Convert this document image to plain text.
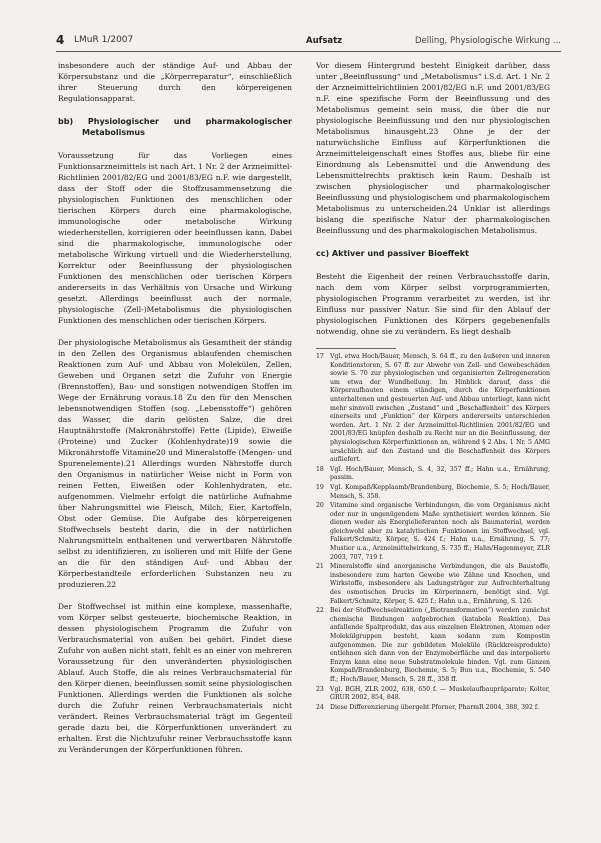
4 LMuR 1/2007	Aufsatz	Delling, Physiologische Wirkung ...

insbesondere auch der ständige Auf- und Abbau der Körpersubstanz und die „Körperreparatur“, einschließlich ihrer Steuerung durch den körpereigenen Regulationsapparat.

bb) Physiologischer und pharmakologischer Metabolismus

Voraussetzung für das Vorliegen eines Funktionsarzneimittels ist nach Art. 1 Nr. 2 der Arzneimittel-Richtlinien 2001/82/EG und 2001/83/EG n.F. wie dargestellt, dass der Stoff oder die Stoffzusammensetzung die physiologischen Funktionen des menschlichen oder tierischen Körpers durch eine pharmakologische, immunologische oder metabolische Wirkung wiederherstellen, korrigieren oder beeinflussen kann. Dabei sind die pharmakologische, immunologische oder metabolische Wirkung virtuell und die Wiederherstellung, Korrektur oder Beeinflussung der physiologischen Funktionen des menschlichen oder tierischen Körpers andererseits in das Verhältnis von Ursache und Wirkung gesetzt. Allerdings beeinflusst auch der normale, physiologische (Zell-)Metabolismus die physiologischen Funktionen des menschlichen oder tierischen Körpers.

Der physiologische Metabolismus als Gesamtheit der ständig in den Zellen des Organismus ablaufenden chemischen Reaktionen zum Auf- und Abbau von Molekülen, Zellen, Geweben und Organen setzt die Zufuhr von Energie (Brennstoffen), Bau- und sonstigen notwendigen Stoffen im Wege der Ernährung voraus.18 Zu den für den Menschen lebensnotwendigen Stoffen (sog. „Lebensstoffe“) gehören das Wasser, die darin gelösten Salze, die drei Hauptnährstoffe (Makronährstoffe) Fette (Lipide), Eiweiße (Proteine) und Zucker (Kohlenhydrate)19 sowie die Mikronährstoffe Vitamine20 und Mineralstoffe (Mengen- und Spurenelemente).21 Allerdings wurden Nährstoffe durch den Organismus in natürlicher Weise nicht in Form von reinen Fetten, Eiweißen oder Kohlenhydraten, etc. aufgenommen. Vielmehr erfolgt die natürliche Aufnahme über Nahrungsmittel wie Fleisch, Milch, Eier, Kartoffeln, Obst oder Gemüse. Die Aufgabe des körpereigenen Stoffwechsels besteht darin, die in der natürlichen Nahrungsmitteln enthaltenen und verwertbaren Nährstoffe selbst zu identifizieren, zu isolieren und mit Hilfe der Gene an die für den ständigen Auf- und Abbau der Körperbestandteile erforderlichen Substanzen neu zu produzieren.22

Der Stoffwechsel ist mithin eine komplexe, massenhafte, vom Körper selbst gesteuerte, biochemische Reaktion, in dessen physiologischem Programm die Zufuhr von Verbrauchsmaterial von außen bei gehört. Findet diese Zufuhr von außen nicht statt, fehlt es an einer von mehreren Voraussetzung für den unveränderten physiologischen Ablauf. Auch Stoffe, die als reines Verbrauchsmaterial für den Körper dienen, beeinflussen somit seine physiologischen Funktionen. Allerdings werden die Funktionen als solche durch die Zufuhr reinen Verbrauchsmaterials nicht verändert. Reines Verbrauchsmaterial trägt im Gegenteil gerade dazu bei, die Körperfunktionen unverändert zu erhalten. Erst die Nichtzufuhr reiner Verbrauchsstoffe kann zu Veränderungen der Körperfunktionen führen.

Vor diesem Hintergrund besteht Einigkeit darüber, dass unter „Beeinflussung“ und „Metabolismus“ i.S.d. Art. 1 Nr. 2 der Arzneimittelrichtlinien 2001/82/EG n.F. und 2001/83/EG n.F. eine spezifische Form der Beeinflussung und des Metabolismus gemeint sein muss, die über die nur physiologische Beeinflussung und den nur physiologischen Metabolismus hinausgeht.23 Ohne je der der naturwüchsliche Einfluss auf Körperfunktionen die Arzneimitteleigenschaft eines Stoffes aus, bliebe für eine Einordnung als Lebensmittel und die Anwendung des Lebensmittelrechts praktisch kein Raum. Deshalb ist zwischen physiologischer und pharmakologischer Beeinflussung und physiologischem und pharmakologischem Metabolismus zu unterscheiden.24 Unklar ist allerdings bislang die spezifische Natur der pharmakologischen Beeinflussung und des pharmakologischen Metabolismus.

cc) Aktiver und passiver Bioeffekt

Besteht die Eigenheit der reinen Verbrauchsstoffe darin, nach dem vom Körper selbst vorprogrammierten, physiologischen Programm verarbeitet zu werden, ist ihr Einfluss nur passiver Natur. Sie sind für den Ablauf der physiologischen Funktionen des Körpers gegebenenfalls notwendig, ohne sie zu verändern. Es liegt deshalb

17 Vgl. etwa Hoch/Bauer, Mensch, S. 64 ff., zu den äußeren und inneren Konditionstoren, S. 67 ff. zur Abwehr von Zell- und Gewebeschäden sowie S. 70 zur physiologischen und organisierten Zellregeneration um etwa der Wundheilung. Im Hinblick darauf, dass die Körperaufbauten einem ständigen, durch die Körperfunktionen unterhaltenen und gesteuerten Auf- und Abbau unterliegt, kann nicht mehr sinnvoll zwischen „Zustand“ und „Beschaffenheit“ des Körpers einerseits und „Funktion“ der Körpers andererseits unterschieden werden. Art. 1 Nr. 2 der Arzneimittel-Richtlinien 2001/82/EG und 2001/83/EG knüpfen deshalb zu Recht nur an die Beeinflussung, der physiologischen Körperfunktionen an, während § 2 Abs. 1 Nr. 5 AMG ursächlich auf den Zustand und die Beschaffenheit des Körpers aufliefert.
18 Vgl. Hoch/Bauer, Mensch, S. 4, 32, 357 ff.; Hahn u.a., Ernährung, passim.
19 Vgl. Kompaß/Kepplaamb/Brandenburg, Biochemie, S. 5; Hoch/Bauer, Mensch, S. 358.
20 Vitamine sind organische Verbindungen, die vom Organismus nicht oder nur in ungenügendem Maße synthetisiert werden können. Sie dienen weder als Energielieferanten noch als Baumaterial, werden gleichwohl aber zu katalytischen Funktionen im Stoffwechsel, vgl. Falkert/Schmitz, Körper, S. 424 f.; Hahn u.a., Ernährung, S. 77; Mustier u.a., Arzneimittelwirkung, S. 735 ff.; Hahn/Hagenmeyer, ZLR 2003, 707, 719 f.
21 Mineralstoffe sind anorganische Verbindungen, die als Baustoffe, insbesondere zum harten Gewebe wie Zähne und Knochen, und Wirkstoffe, insbesondere als Ladungsträger zur Aufrechterhaltung des osmotischen Drucks im Körperinnern, benötigt sind. Vgl. Falkert/Schmitz, Körper, S. 425 f.; Hahn u.a., Ernährung, S. 126.
22 Bei der Stoffwechselreaktion („Biotransformation“) werden zunächst chemische Bindungen aufgebrochen (katabole Reaktion). Das anfallende Spaltprodukt, das aus einzelnen Elektronen, Atomen oder Molekülgruppen besteht, kann sodann zum Kompostin aufgenommen. Die zur gebildeten Moleküle (Rückkreisprodukte) entlehnen sich dann von der Enzymoberfläche und das interpolierte Enzym kann eine neue Substratmolekule binden. Vgl. zum Ganzen Kompaß/Brandenburg, Biochemie, S. 5; Buu u.a., Biochemie, S. 540 ff.; Hoch/Bauer, Mensch, S. 28 ff., 358 ff.
23 Vgl. BGH, ZLR 2002, 638, 650 f. — Muskelaufbaupräparate; Kolter, GRUR 2002, 854, 848.
24 Diese Differenzierung übergeht Pforner, PharmR 2004, 388, 392 f.
